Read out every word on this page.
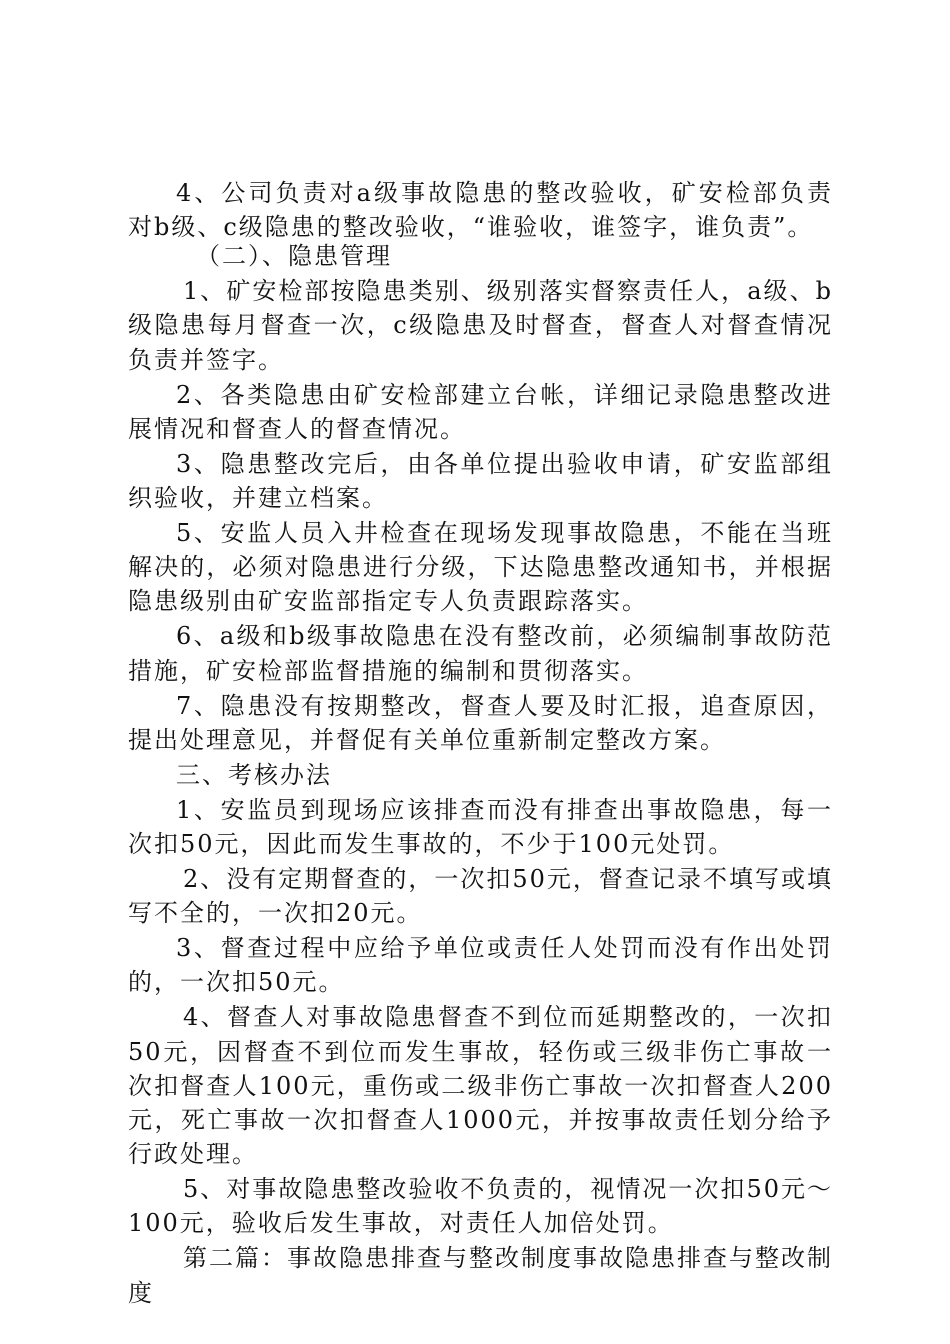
4、公司负责对a级事故隐患的整改验收，矿安检部负责对b级、c级隐患的整改验收，“谁验收，谁签字，谁负责”。

（二）、隐患管理

1、矿安检部按隐患类别、级别落实督察责任人，a级、b级隐患每月督查一次，c级隐患及时督查，督查人对督查情况负责并签字。

2、各类隐患由矿安检部建立台帐，详细记录隐患整改进展情况和督查人的督查情况。

3、隐患整改完后，由各单位提出验收申请，矿安监部组织验收，并建立档案。

5、安监人员入井检查在现场发现事故隐患，不能在当班解决的，必须对隐患进行分级，下达隐患整改通知书，并根据隐患级别由矿安监部指定专人负责跟踪落实。

6、a级和b级事故隐患在没有整改前，必须编制事故防范措施，矿安检部监督措施的编制和贯彻落实。

7、隐患没有按期整改，督查人要及时汇报，追查原因，提出处理意见，并督促有关单位重新制定整改方案。

三、考核办法

1、安监员到现场应该排查而没有排查出事故隐患，每一次扣50元，因此而发生事故的，不少于100元处罚。

2、没有定期督查的，一次扣50元，督查记录不填写或填写不全的，一次扣20元。

3、督查过程中应给予单位或责任人处罚而没有作出处罚的，一次扣50元。

4、督查人对事故隐患督查不到位而延期整改的，一次扣50元，因督查不到位而发生事故，轻伤或三级非伤亡事故一次扣督查人100元，重伤或二级非伤亡事故一次扣督查人200元，死亡事故一次扣督查人1000元，并按事故责任划分给予行政处理。

5、对事故隐患整改验收不负责的，视情况一次扣50元～100元，验收后发生事故，对责任人加倍处罚。

第二篇：事故隐患排查与整改制度事故隐患排查与整改制度
